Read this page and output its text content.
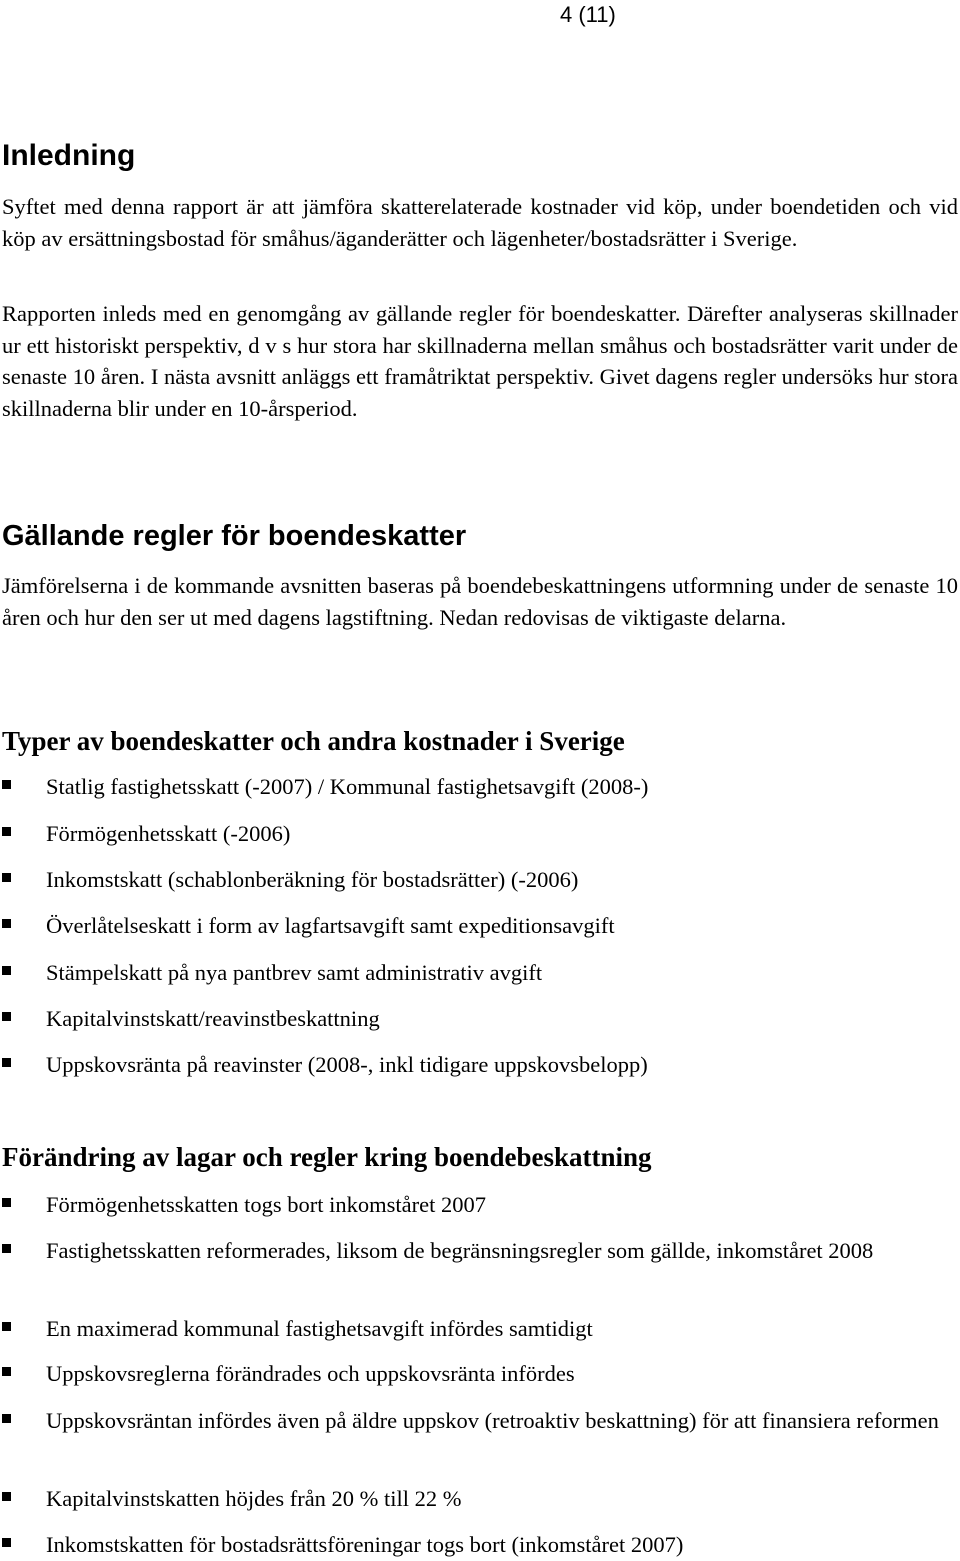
4 (11)
Inledning

Syftet med denna rapport är att jämföra skatterelaterade kostnader vid köp, under boendetiden och vid köp av ersättningsbostad för småhus/äganderätter och lägenheter/bostadsrätter i Sverige.

Rapporten inleds med en genomgång av gällande regler för boendeskatter. Därefter analyseras skillnader ur ett historiskt perspektiv, d v s hur stora har skillnaderna mellan småhus och bostadsrätter varit under de senaste 10 åren. I nästa avsnitt anläggs ett framåtriktat perspektiv. Givet dagens regler undersöks hur stora skillnaderna blir under en 10-årsperiod.

Gällande regler för boendeskatter

Jämförelserna i de kommande avsnitten baseras på boendebeskattningens utformning under de senaste 10 åren och hur den ser ut med dagens lagstiftning. Nedan redovisas de viktigaste delarna.

Typer av boendeskatter och andra kostnader i Sverige
Statlig fastighetsskatt (-2007) / Kommunal fastighetsavgift (2008-)
Förmögenhetsskatt (-2006)
Inkomstskatt (schablonberäkning för bostadsrätter) (-2006)
Överlåtelseskatt i form av lagfartsavgift samt expeditionsavgift
Stämpelskatt på nya pantbrev samt administrativ avgift
Kapitalvinstskatt/reavinstbeskattning
Uppskovsränta på reavinster (2008-, inkl tidigare uppskovsbelopp)
Förändring av lagar och regler kring boendebeskattning
Förmögenhetsskatten togs bort inkomståret 2007
Fastighetsskatten reformerades, liksom de begränsningsregler som gällde, inkomståret 2008
En maximerad kommunal fastighetsavgift infördes samtidigt
Uppskovsreglerna förändrades och uppskovsränta infördes
Uppskovsräntan infördes även på äldre uppskov (retroaktiv beskattning) för att finansiera reformen
Kapitalvinstskatten höjdes från 20 % till 22 %
Inkomstskatten för bostadsrättsföreningar togs bort (inkomståret 2007)
